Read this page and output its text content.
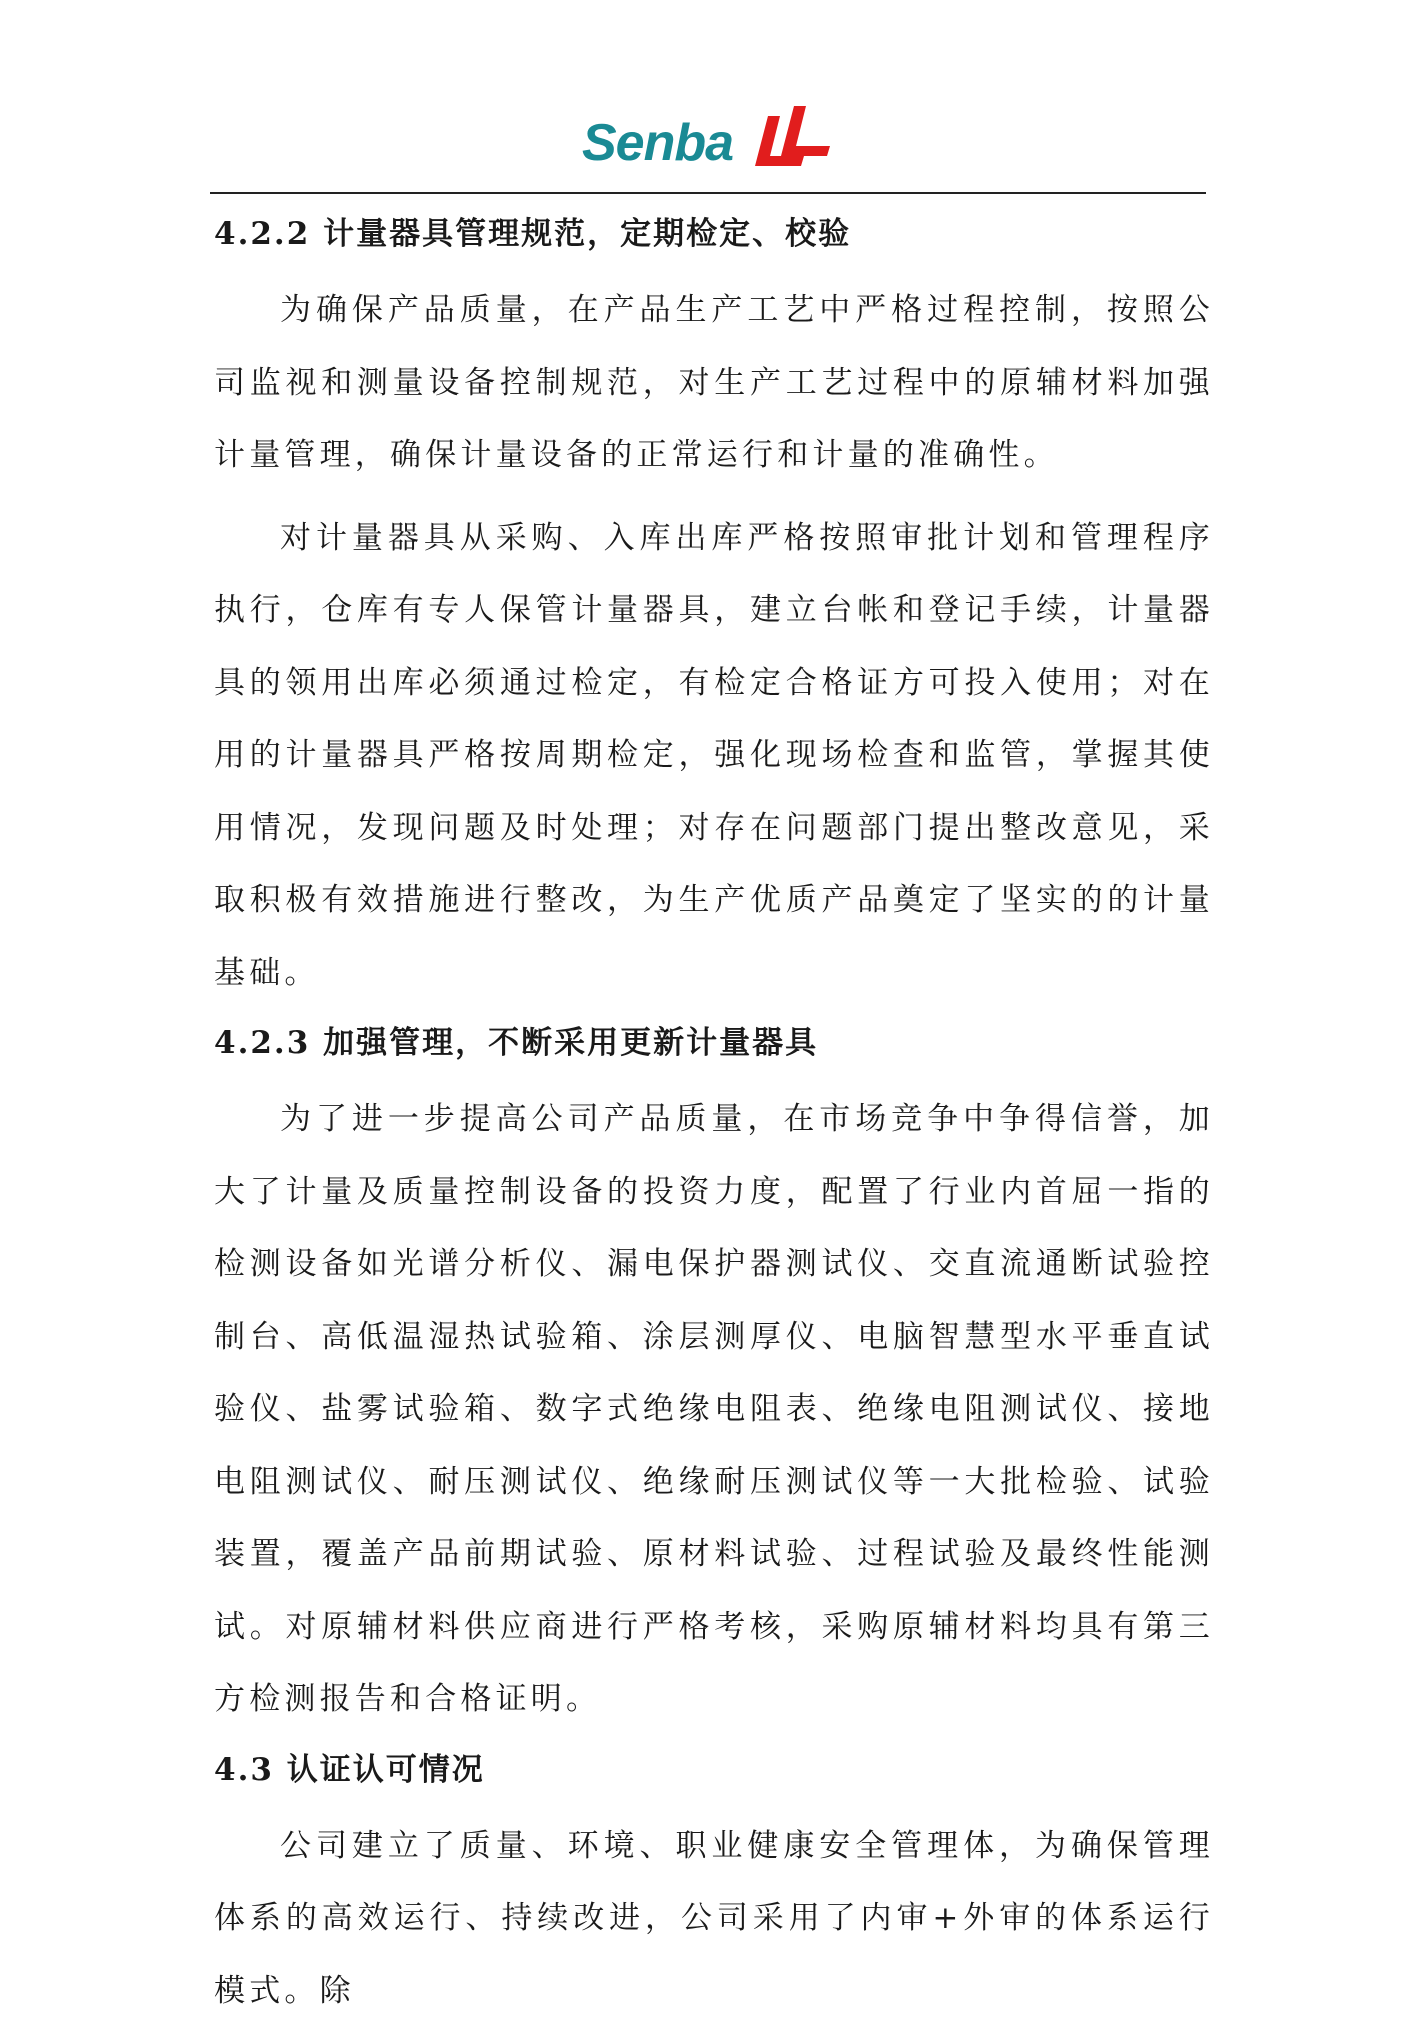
Senba
4.2.2 计量器具管理规范，定期检定、校验

为确保产品质量，在产品生产工艺中严格过程控制，按照公司监视和测量设备控制规范，对生产工艺过程中的原辅材料加强计量管理，确保计量设备的正常运行和计量的准确性。

对计量器具从采购、入库出库严格按照审批计划和管理程序执行，仓库有专人保管计量器具，建立台帐和登记手续，计量器具的领用出库必须通过检定，有检定合格证方可投入使用；对在用的计量器具严格按周期检定，强化现场检查和监管，掌握其使用情况，发现问题及时处理；对存在问题部门提出整改意见，采取积极有效措施进行整改，为生产优质产品奠定了坚实的的计量基础。

4.2.3 加强管理，不断采用更新计量器具

为了进一步提高公司产品质量，在市场竞争中争得信誉，加大了计量及质量控制设备的投资力度，配置了行业内首屈一指的检测设备如光谱分析仪、漏电保护器测试仪、交直流通断试验控制台、高低温湿热试验箱、涂层测厚仪、电脑智慧型水平垂直试验仪、盐雾试验箱、数字式绝缘电阻表、绝缘电阻测试仪、接地电阻测试仪、耐压测试仪、绝缘耐压测试仪等一大批检验、试验装置，覆盖产品前期试验、原材料试验、过程试验及最终性能测试。对原辅材料供应商进行严格考核，采购原辅材料均具有第三方检测报告和合格证明。

4.3 认证认可情况

公司建立了质量、环境、职业健康安全管理体，为确保管理体系的高效运行、持续改进，公司采用了内审+外审的体系运行模式。除
